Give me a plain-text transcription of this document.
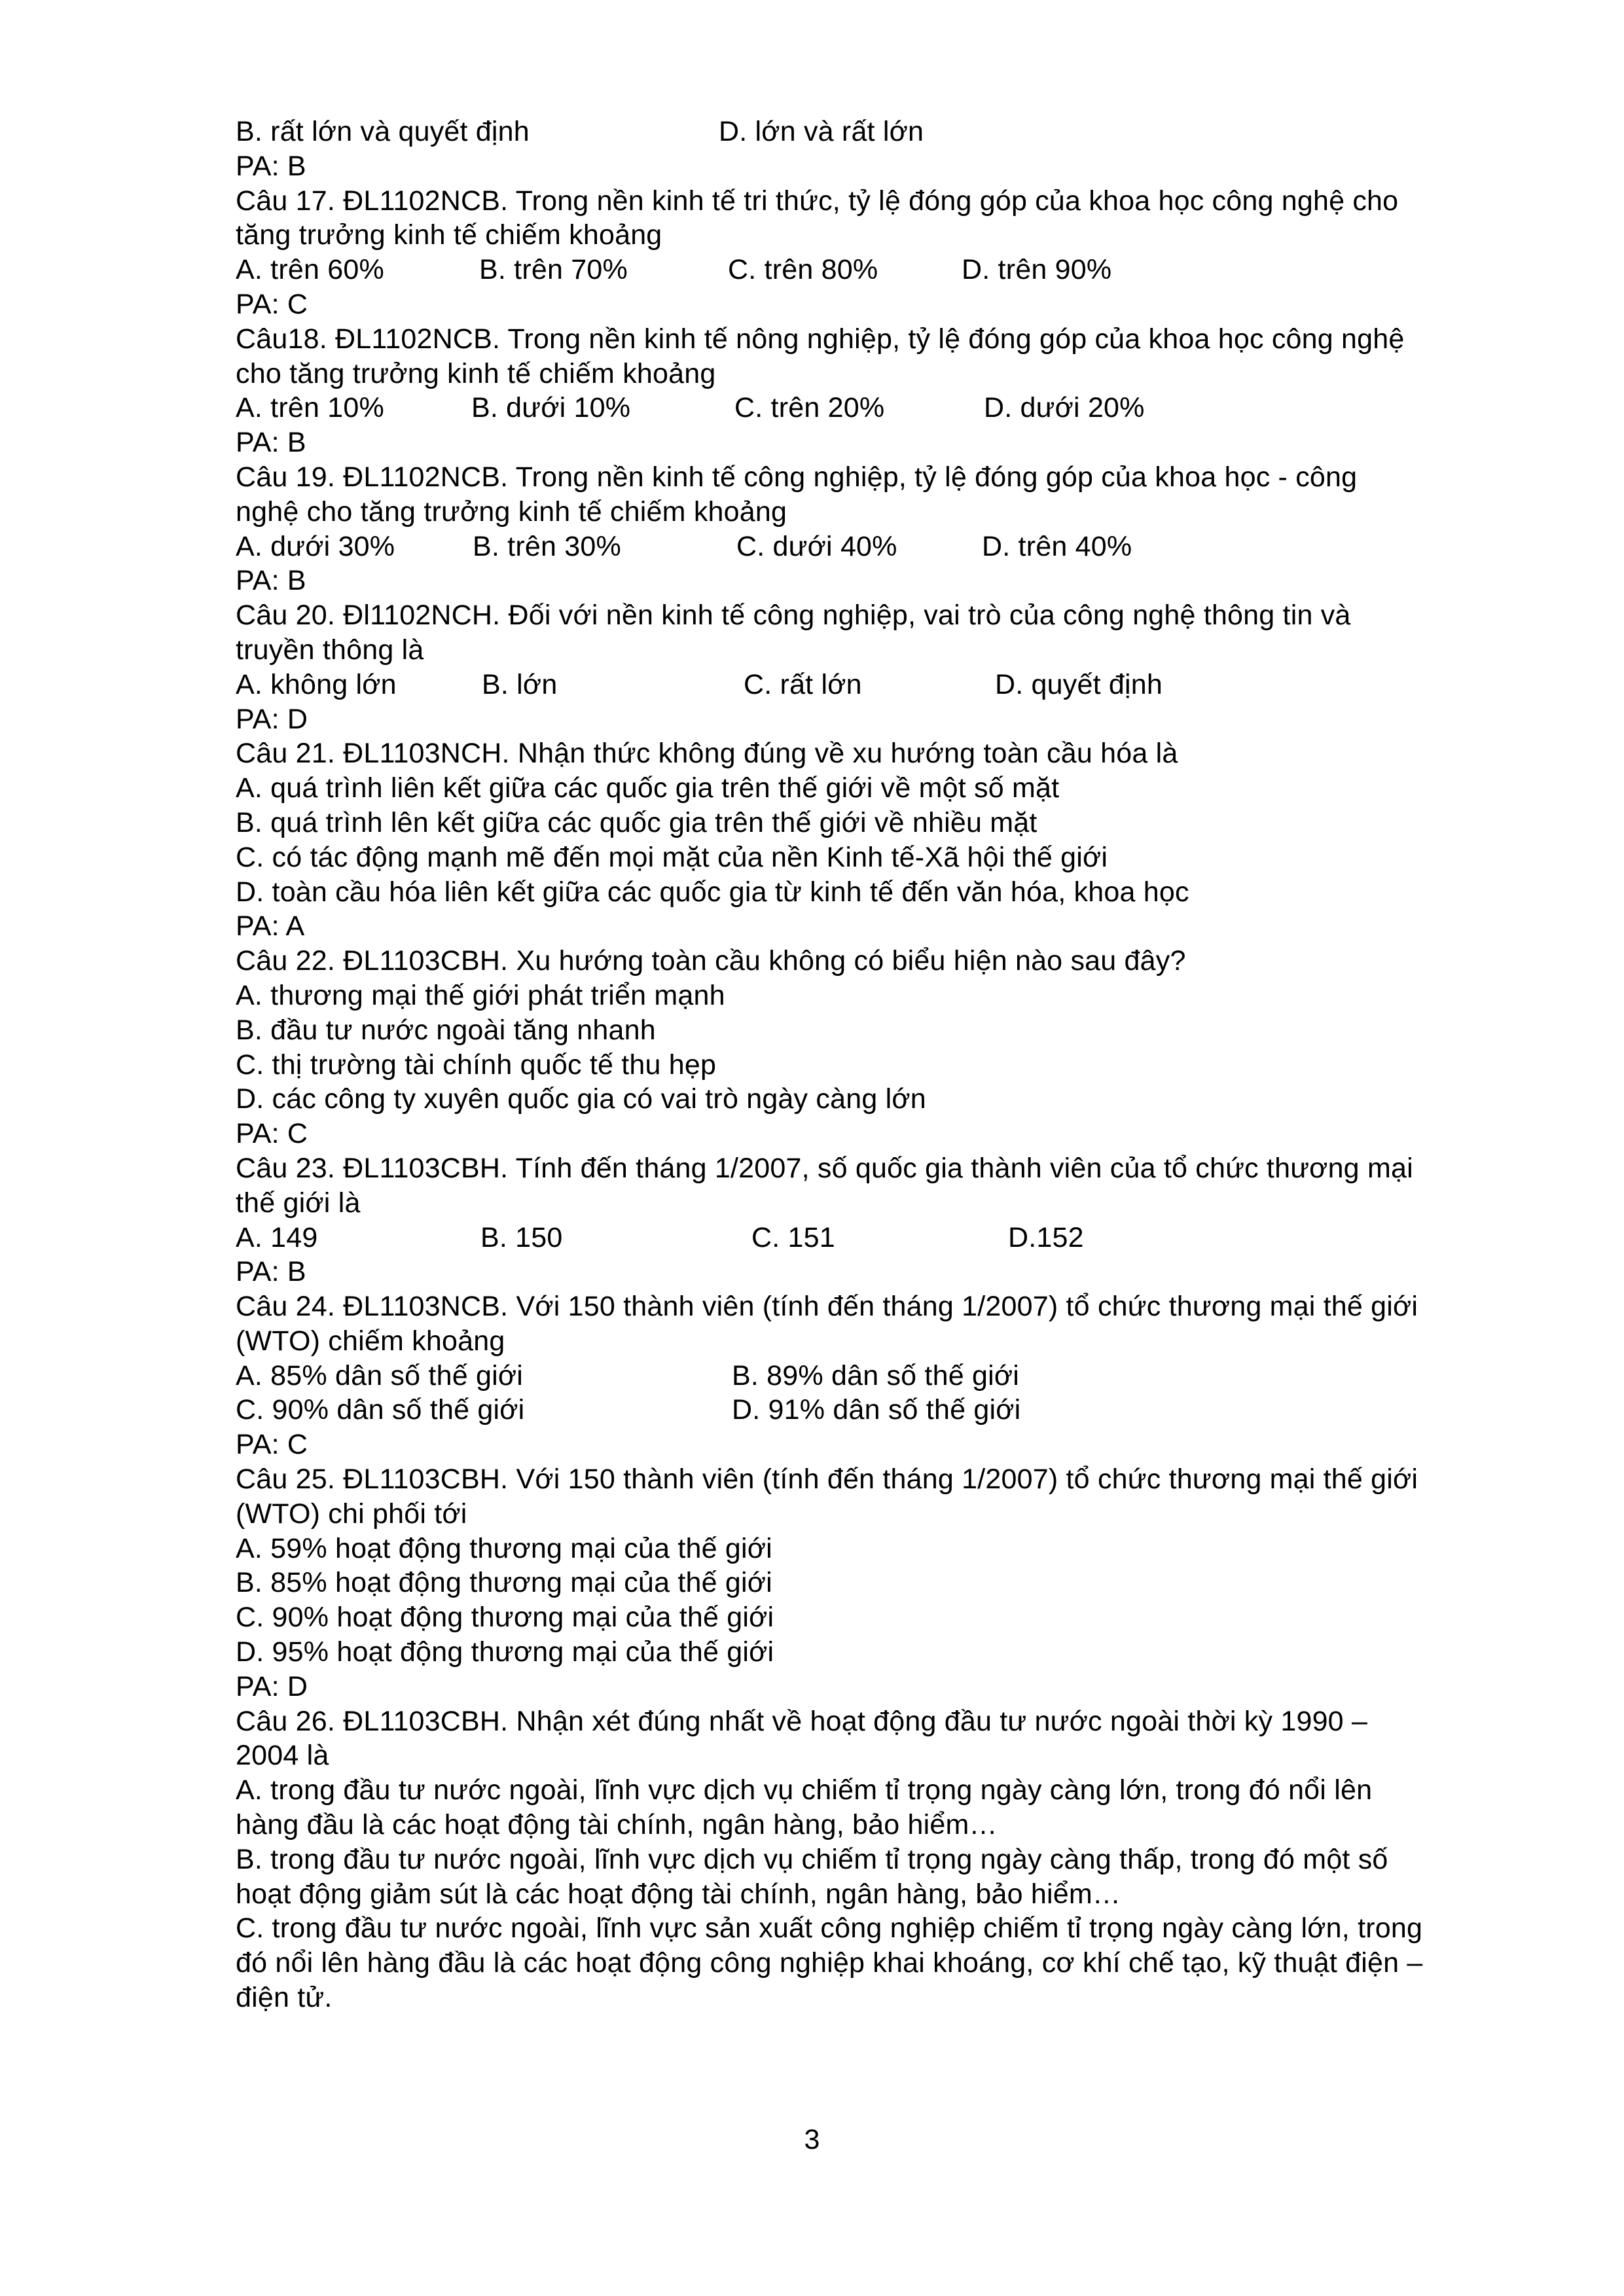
B. rất lớn và quyết định	D. lớn và rất lớn
PA: B
Câu 17. ĐL1102NCB. Trong nền kinh tế tri thức, tỷ lệ đóng góp của khoa học công nghệ cho
tăng trưởng kinh tế chiếm khoảng
A. trên 60%	B. trên 70%	C. trên 80%	D. trên 90%
PA: C
Câu18. ĐL1102NCB. Trong nền kinh tế nông nghiệp, tỷ lệ đóng góp của khoa học công nghệ
cho tăng trưởng kinh tế chiếm khoảng
A. trên 10%	B. dưới 10%	C. trên 20%	D. dưới 20%
PA: B
Câu 19. ĐL1102NCB. Trong nền kinh tế công nghiệp, tỷ lệ đóng góp của khoa học - công
nghệ cho tăng trưởng kinh tế chiếm khoảng
A. dưới 30%	B. trên 30%	C. dưới 40%	D. trên 40%
PA: B
Câu 20. Đl1102NCH. Đối với nền kinh tế công nghiệp, vai trò của công nghệ thông tin và
truyền thông là
A. không lớn	B. lớn	C. rất lớn	D. quyết định
PA: D
Câu 21. ĐL1103NCH. Nhận thức không đúng về xu hướng toàn cầu hóa là
A. quá trình liên kết giữa các quốc gia trên thế giới về một số mặt
B. quá trình lên kết giữa các quốc gia trên thế giới về nhiều mặt
C. có tác động mạnh mẽ đến mọi mặt của nền Kinh tế-Xã hội thế giới
D. toàn cầu hóa liên kết giữa các quốc gia từ kinh tế đến văn hóa, khoa học
PA: A
Câu 22. ĐL1103CBH. Xu hướng toàn cầu không có biểu hiện nào sau đây?
A. thương mại thế giới phát triển mạnh
B. đầu tư nước ngoài tăng nhanh
C. thị trường tài chính quốc tế thu hẹp
D. các công ty xuyên quốc gia có vai trò ngày càng lớn
PA: C
Câu 23. ĐL1103CBH. Tính đến tháng 1/2007, số quốc gia thành viên của tổ chức thương mại
thế giới là
A. 149	B. 150	C. 151	D.152
PA: B
Câu 24. ĐL1103NCB. Với 150 thành viên (tính đến tháng 1/2007) tổ chức thương mại thế giới
(WTO) chiếm khoảng
A. 85% dân số thế giới	B. 89% dân số thế giới
C. 90% dân số thế giới	D. 91% dân số thế giới
PA: C
Câu 25. ĐL1103CBH. Với 150 thành viên (tính đến tháng 1/2007) tổ chức thương mại thế giới
(WTO) chi phối tới
A. 59% hoạt động thương mại của thế giới
B. 85% hoạt động thương mại của thế giới
C. 90% hoạt động thương mại của thế giới
D. 95% hoạt động thương mại của thế giới
PA: D
Câu 26. ĐL1103CBH. Nhận xét đúng nhất về hoạt động đầu tư nước ngoài thời kỳ 1990 –
2004 là
A. trong đầu tư nước ngoài, lĩnh vực dịch vụ chiếm tỉ trọng ngày càng lớn, trong đó nổi lên
hàng đầu là các hoạt động tài chính, ngân hàng, bảo hiểm…
B. trong đầu tư nước ngoài, lĩnh vực dịch vụ chiếm tỉ trọng ngày càng thấp, trong đó một số
hoạt động giảm sút là các hoạt động tài chính, ngân hàng, bảo hiểm…
C. trong đầu tư nước ngoài, lĩnh vực sản xuất công nghiệp chiếm tỉ trọng ngày càng lớn, trong
đó nổi lên hàng đầu là các hoạt động công nghiệp khai khoáng, cơ khí chế tạo, kỹ thuật điện –
điện tử.
3
